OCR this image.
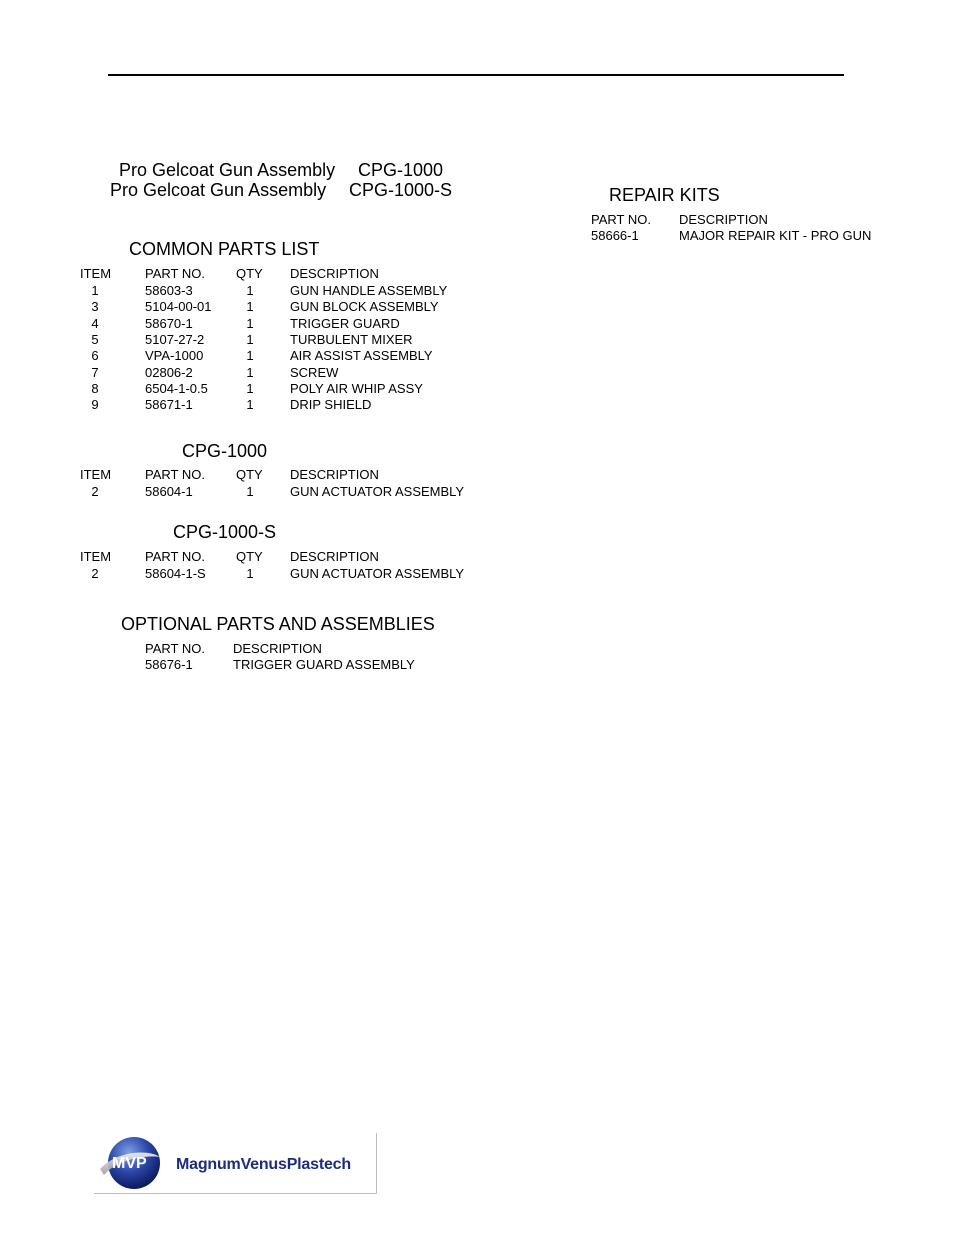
Pro Gelcoat Gun Assembly CPG-1000
Pro Gelcoat Gun Assembly CPG-1000-S
COMMON PARTS LIST
ITEM	PART NO. QTY DESCRIPTION
1	58603-3	1	GUN HANDLE ASSEMBLY
3	5104-00-01	1	GUN BLOCK ASSEMBLY
4	58670-1	1	TRIGGER GUARD
5	5107-27-2	1	TURBULENT MIXER
6	VPA-1000	1	AIR ASSIST ASSEMBLY
7	02806-2	1	SCREW
8	6504-1-0.5	1	POLY AIR WHIP ASSY
9	58671-1	1	DRIP SHIELD
CPG-1000
ITEM	PART NO. QTY DESCRIPTION
2	58604-1	1	GUN ACTUATOR ASSEMBLY
CPG-1000-S
ITEM	PART NO. QTY DESCRIPTION
2	58604-1-S	1	GUN ACTUATOR ASSEMBLY
OPTIONAL PARTS AND ASSEMBLIES
PART NO. DESCRIPTION
58676-1	TRIGGER GUARD ASSEMBLY
REPAIR KITS
PART NO. DESCRIPTION
58666-1	MAJOR REPAIR KIT - PRO GUN
MVP MagnumVenusPlastech
